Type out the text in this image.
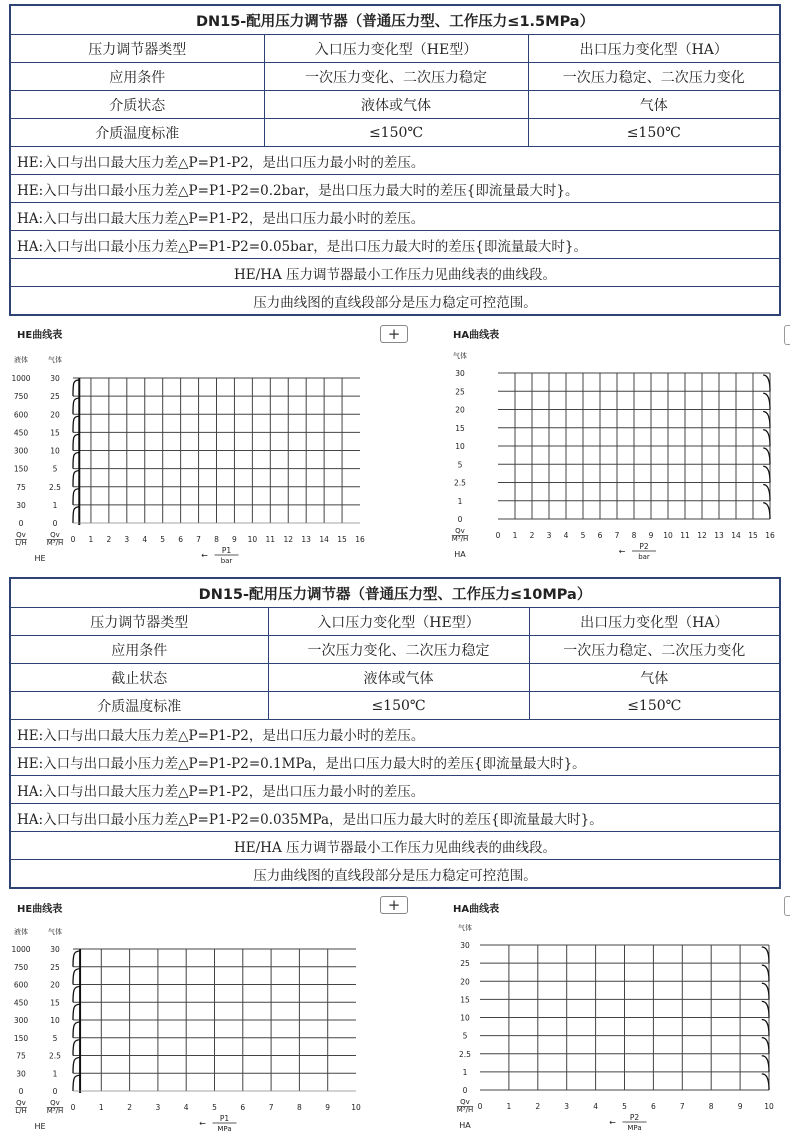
DN15-配用压力调节器（普通压力型、工作压力≤1.5MPa）		
压力调节器类型	入口压力变化型（HE型）	出口压力变化型（HA）
应用条件	一次压力变化、二次压力稳定	一次压力稳定、二次压力变化
介质状态	液体或气体	气体
介质温度标准	≤150℃	≤150℃
HE:入口与出口最大压力差△P=P1-P2，是出口压力最小时的差压。		
HE:入口与出口最小压力差△P=P1-P2=0.2bar，是出口压力最大时的差压{即流量最大时}。		
HA:入口与出口最大压力差△P=P1-P2，是出口压力最小时的差压。		
HA:入口与出口最小压力差△P=P1-P2=0.05bar，是出口压力最大时的差压{即流量最大时}。		
HE/HA 压力调节器最小工作压力见曲线表的曲线段。		
压力曲线图的直线段部分是压力稳定可控范围。		
+
HE曲线表
液体	气体
1000	30
750	25
600	20
450	15
300	10
150	5
75	2.5
30	1
0	0
0 1 2 3 4 5 6 7 8 9 10 11 12 13 14 15 16
Qv
L/H
Qv
M³/H
HE	←
P1
bar
HA曲线表
气体
30
25
20
15
10
5
2.5
1
0
0 1 2 3 4 5 6 7 8 9 10 11 12 13 14 15 16
Qv
M³/H
HA	←
P2
bar
DN15-配用压力调节器（普通压力型、工作压力≤10MPa）		
压力调节器类型	入口压力变化型（HE型）	出口压力变化型（HA）
应用条件	一次压力变化、二次压力稳定	一次压力稳定、二次压力变化
截止状态	液体或气体	气体
介质温度标准	≤150℃	≤150℃
HE:入口与出口最大压力差△P=P1-P2，是出口压力最小时的差压。		
HE:入口与出口最小压力差△P=P1-P2=0.1MPa，是出口压力最大时的差压{即流量最大时}。		
HA:入口与出口最大压力差△P=P1-P2，是出口压力最小时的差压。		
HA:入口与出口最小压力差△P=P1-P2=0.035MPa，是出口压力最大时的差压{即流量最大时}。		
HE/HA 压力调节器最小工作压力见曲线表的曲线段。		
压力曲线图的直线段部分是压力稳定可控范围。		
+
HE曲线表
液体	气体
1000	30
750	25
600	20
450	15
300	10
150	5
75	2.5
30	1
0	0
0	1	2	3	4	5	6	7	8	9	10
Qv
L/H
Qv
M³/H
HE	←
P1
MPa
HA曲线表
气体
30
25
20
15
10
5
2.5
1
0
0	1	2	3	4	5	6	7	8	9	10
Qv
M³/H
HA	←
P2
MPa
